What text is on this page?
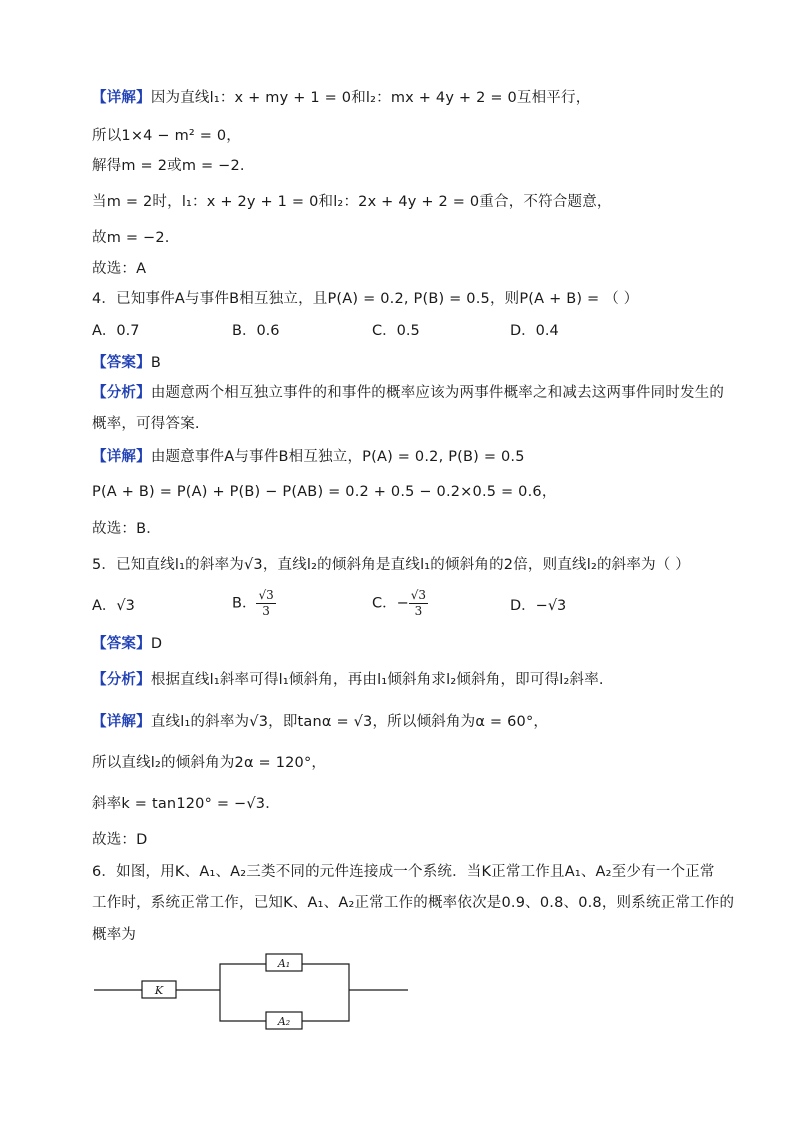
【详解】因为直线l₁：x + my + 1 = 0和l₂：mx + 4y + 2 = 0互相平行，
所以1×4 − m² = 0，
解得m = 2或m = −2.
当m = 2时，l₁：x + 2y + 1 = 0和l₂：2x + 4y + 2 = 0重合，不符合题意，
故m = −2.
故选：A
4．已知事件A与事件B相互独立，且P(A) = 0.2, P(B) = 0.5，则P(A + B) = （ ）
A．0.7	B．0.6	C．0.5	D．0.4
【答案】B
【分析】由题意两个相互独立事件的和事件的概率应该为两事件概率之和减去这两事件同时发生的
概率，可得答案.
【详解】由题意事件A与事件B相互独立，P(A) = 0.2, P(B) = 0.5
P(A + B) = P(A) + P(B) − P(AB) = 0.2 + 0.5 − 0.2×0.5 = 0.6，
故选：B．
5．已知直线l₁的斜率为√3，直线l₂的倾斜角是直线l₁的倾斜角的2倍，则直线l₂的斜率为（ ）
A．√3	B． $\frac{√3}{3}$	C．− $\frac{√3}{3}$	D．−√3
【答案】D
【分析】根据直线l₁斜率可得l₁倾斜角，再由l₁倾斜角求l₂倾斜角，即可得l₂斜率.
【详解】直线l₁的斜率为√3，即tanα = √3，所以倾斜角为α = 60°，
所以直线l₂的倾斜角为2α = 120°，
斜率k = tan120° = −√3．
故选：D
6．如图，用K、A₁、A₂三类不同的元件连接成一个系统．当K正常工作且A₁、A₂至少有一个正常
工作时，系统正常工作，已知K、A₁、A₂正常工作的概率依次是0.9、0.8、0.8，则系统正常工作的
概率为
K
A₁
A₂
